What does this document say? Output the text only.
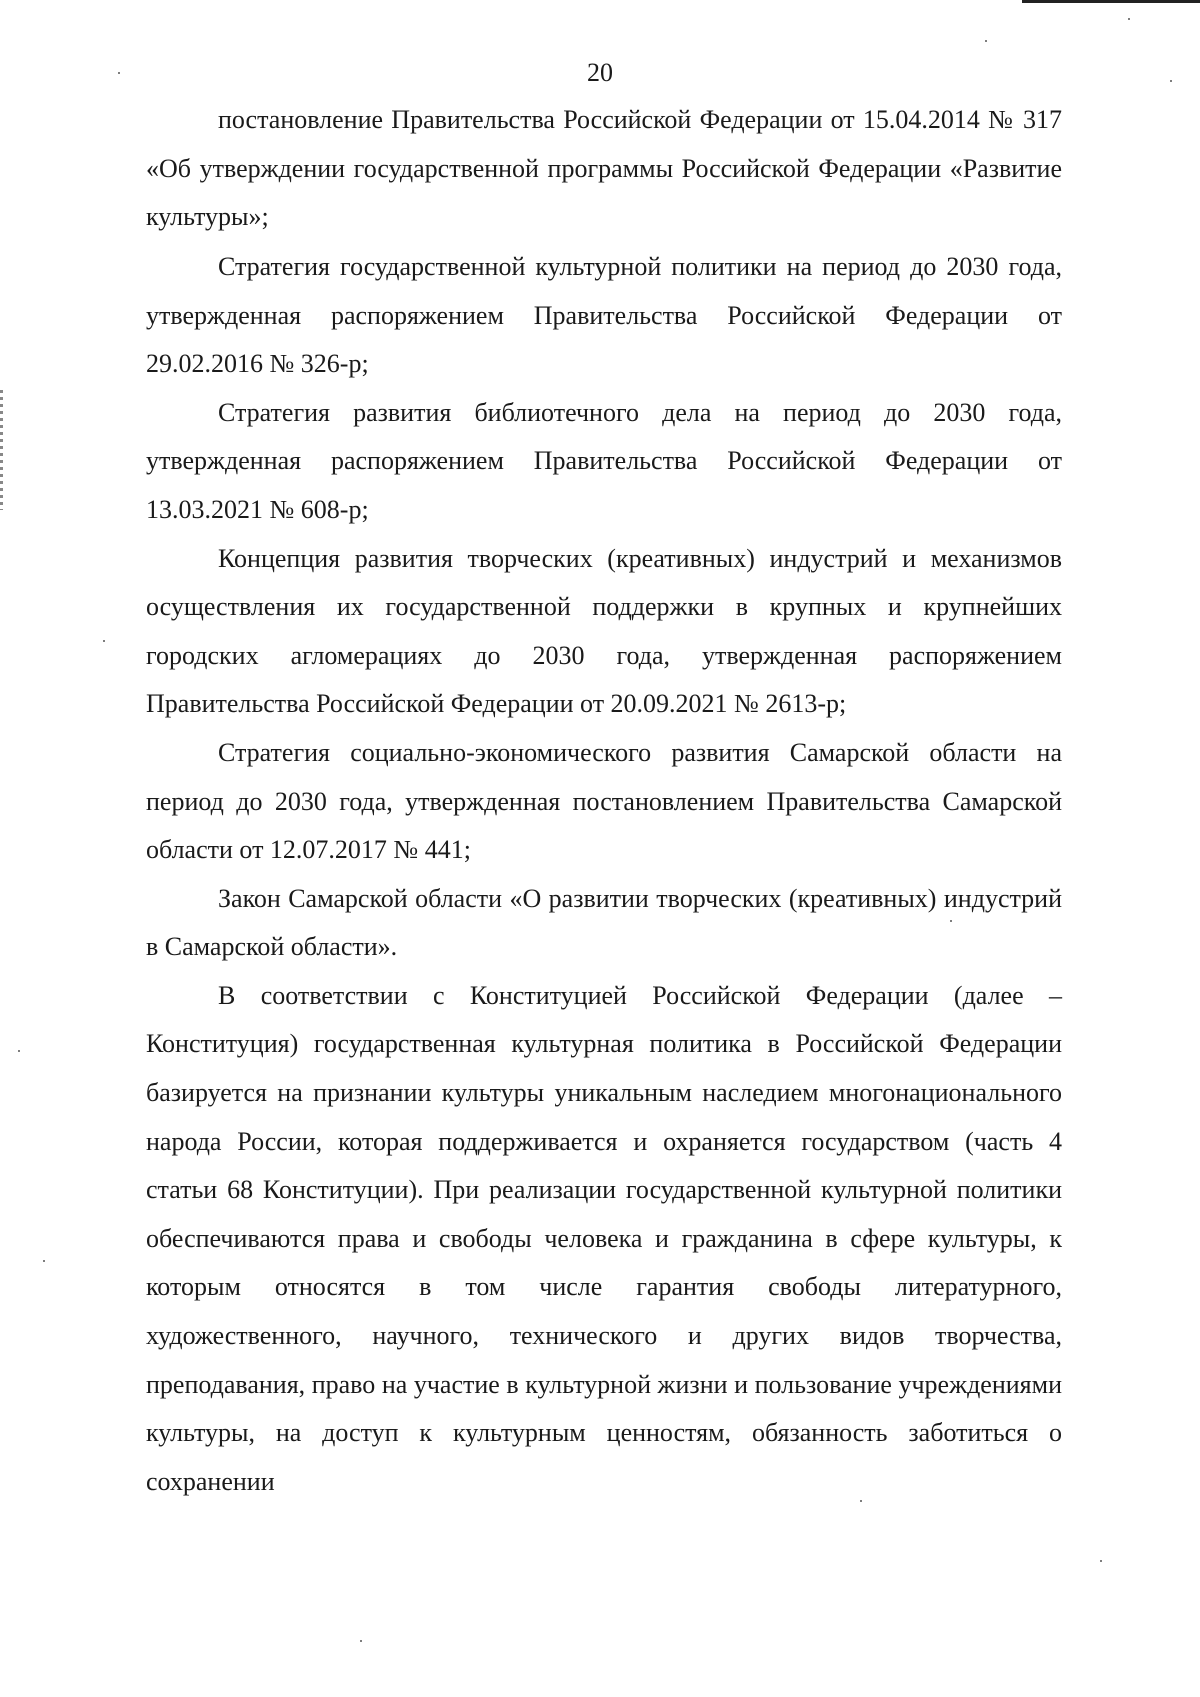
20

постановление Правительства Российской Федерации от 15.04.2014 № 317 «Об утверждении государственной программы Российской Федерации «Развитие культуры»;

Стратегия государственной культурной политики на период до 2030 года, утвержденная распоряжением Правительства Российской Федерации от 29.02.2016 № 326-р;

Стратегия развития библиотечного дела на период до 2030 года, утвержденная распоряжением Правительства Российской Федерации от 13.03.2021 № 608-р;

Концепция развития творческих (креативных) индустрий и механизмов осуществления их государственной поддержки в крупных и крупнейших городских агломерациях до 2030 года, утвержденная распоряжением Правительства Российской Федерации от 20.09.2021 № 2613-р;

Стратегия социально-экономического развития Самарской области на период до 2030 года, утвержденная постановлением Правительства Самарской области от 12.07.2017 № 441;

Закон Самарской области «О развитии творческих (креативных) индустрий в Самарской области».

В соответствии с Конституцией Российской Федерации (далее – Конституция) государственная культурная политика в Российской Федерации базируется на признании культуры уникальным наследием многонационального народа России, которая поддерживается и охраняется государством (часть 4 статьи 68 Конституции). При реализации государственной культурной политики обеспечиваются права и свободы человека и гражданина в сфере культуры, к которым относятся в том числе гарантия свободы литературного, художественного, научного, технического и других видов творчества, преподавания, право на участие в культурной жизни и пользование учреждениями культуры, на доступ к культурным ценностям, обязанность заботиться о сохранении
